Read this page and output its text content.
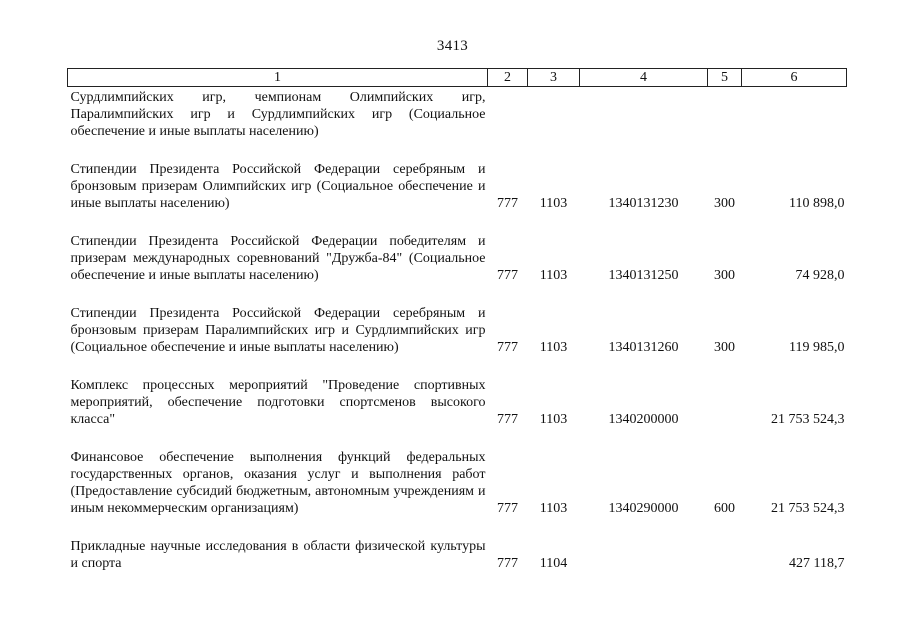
3413
1	2	3	4	5	6
Сурдлимпийских игр, чемпионам Олимпийских игр, Паралимпийских игр и Сурдлимпийских игр (Социальное обеспечение и иные выплаты населению)					

Стипендии Президента Российской Федерации серебряным и бронзовым призерам Олимпийских игр (Социальное обеспечение и иные выплаты населению)	777	1103	1340131230	300	110 898,0

Стипендии Президента Российской Федерации победителям и призерам международных соревнований "Дружба-84" (Социальное обеспечение и иные выплаты населению)	777	1103	1340131250	300	74 928,0

Стипендии Президента Российской Федерации серебряным и бронзовым призерам Паралимпийских игр и Сурдлимпийских игр (Социальное обеспечение и иные выплаты населению)	777	1103	1340131260	300	119 985,0

Комплекс процессных мероприятий "Проведение спортивных мероприятий, обеспечение подготовки спортсменов высокого класса"	777	1103	1340200000		21 753 524,3

Финансовое обеспечение выполнения функций федеральных государственных органов, оказания услуг и выполнения работ (Предоставление субсидий бюджетным, автономным учреждениям и иным некоммерческим организациям)	777	1103	1340290000	600	21 753 524,3

Прикладные научные исследования в области физической культуры и спорта	777	1104			427 118,7
